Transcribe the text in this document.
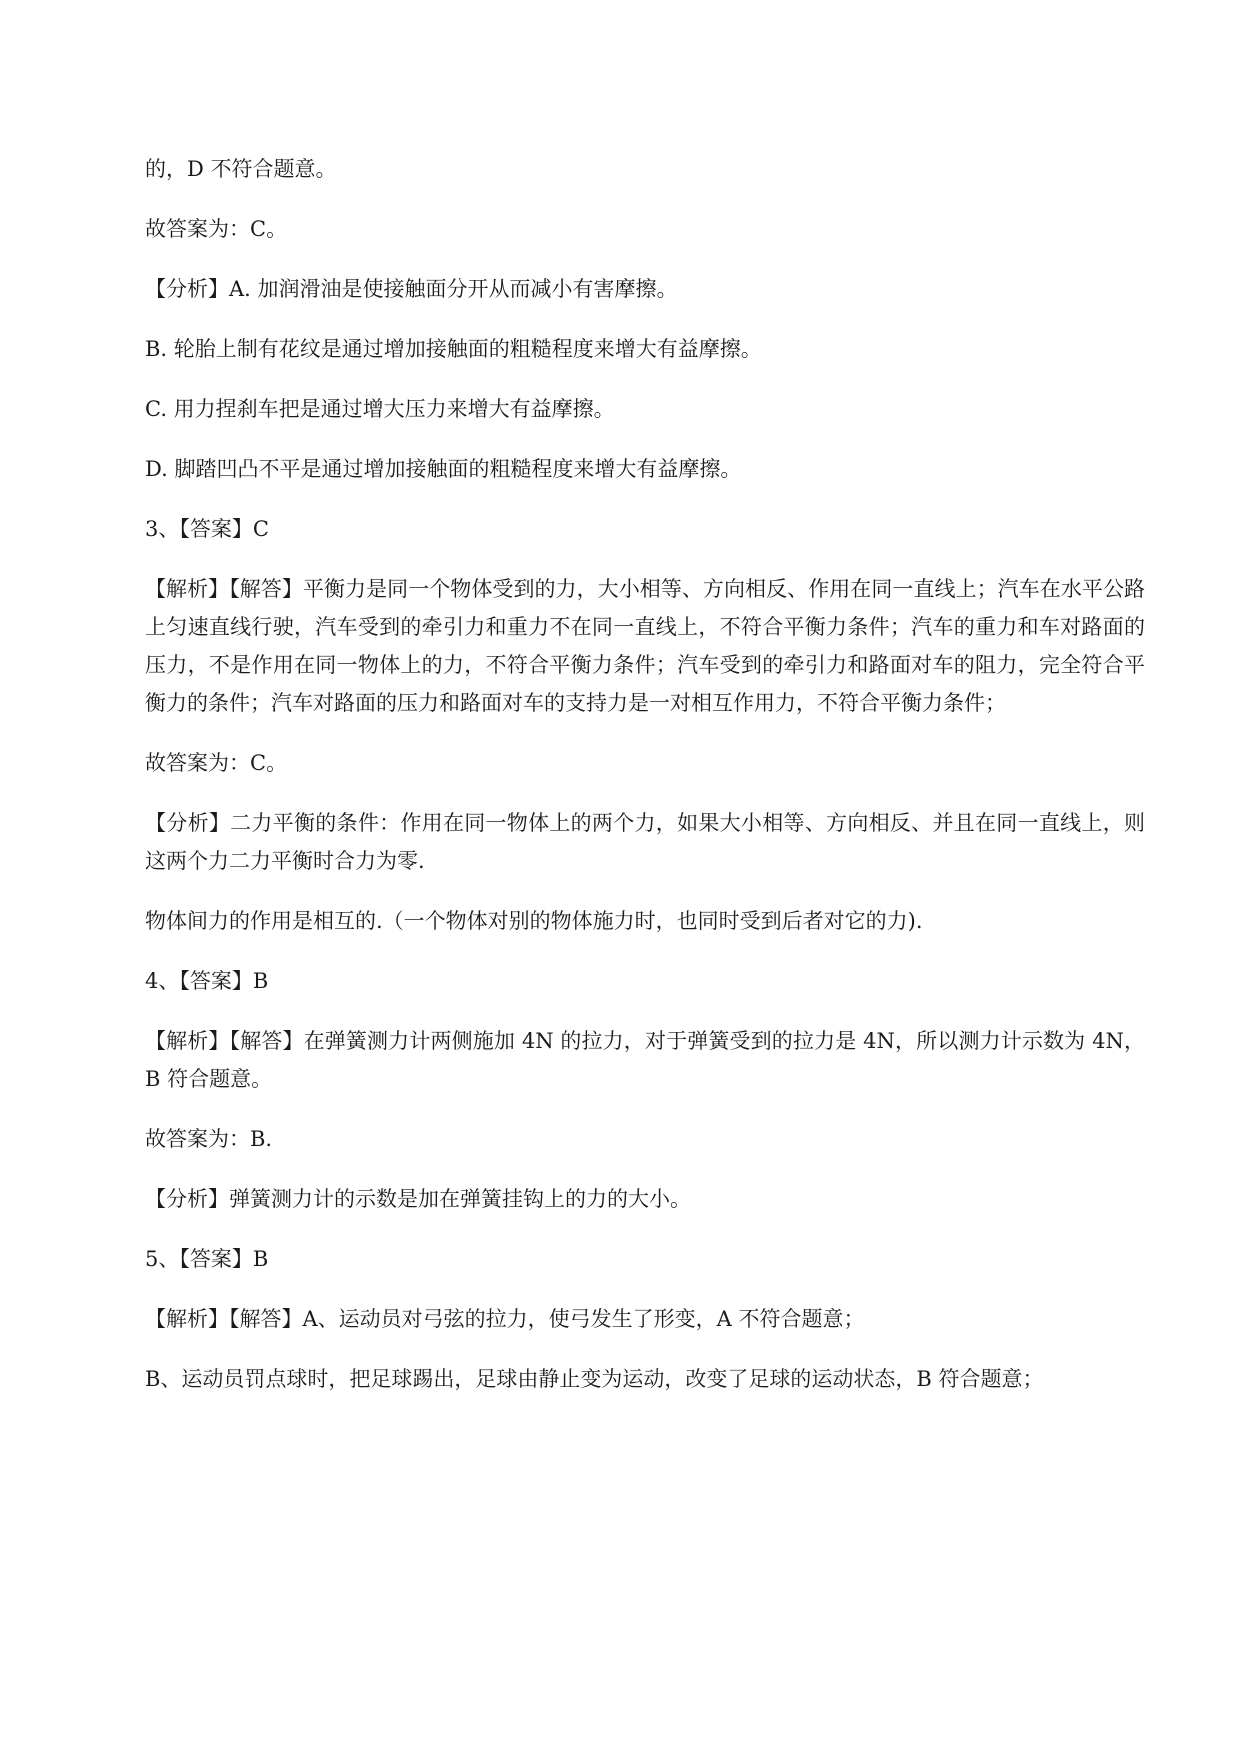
的，D 不符合题意。

故答案为：C。

【分析】A. 加润滑油是使接触面分开从而减小有害摩擦。

B. 轮胎上制有花纹是通过增加接触面的粗糙程度来增大有益摩擦。

C. 用力捏刹车把是通过增大压力来增大有益摩擦。

D. 脚踏凹凸不平是通过增加接触面的粗糙程度来增大有益摩擦。

3、【答案】C

【解析】【解答】平衡力是同一个物体受到的力，大小相等、方向相反、作用在同一直线上；汽车在水平公路上匀速直线行驶，汽车受到的牵引力和重力不在同一直线上，不符合平衡力条件；汽车的重力和车对路面的压力，不是作用在同一物体上的力，不符合平衡力条件；汽车受到的牵引力和路面对车的阻力，完全符合平衡力的条件；汽车对路面的压力和路面对车的支持力是一对相互作用力，不符合平衡力条件；

故答案为：C。

【分析】二力平衡的条件：作用在同一物体上的两个力，如果大小相等、方向相反、并且在同一直线上，则这两个力二力平衡时合力为零.

物体间力的作用是相互的.（一个物体对别的物体施力时，也同时受到后者对它的力).

4、【答案】B

【解析】【解答】在弹簧测力计两侧施加 4N 的拉力，对于弹簧受到的拉力是 4N，所以测力计示数为 4N，B 符合题意。

故答案为：B.

【分析】弹簧测力计的示数是加在弹簧挂钩上的力的大小。

5、【答案】B

【解析】【解答】A、运动员对弓弦的拉力，使弓发生了形变，A 不符合题意；

B、运动员罚点球时，把足球踢出，足球由静止变为运动，改变了足球的运动状态，B 符合题意；
